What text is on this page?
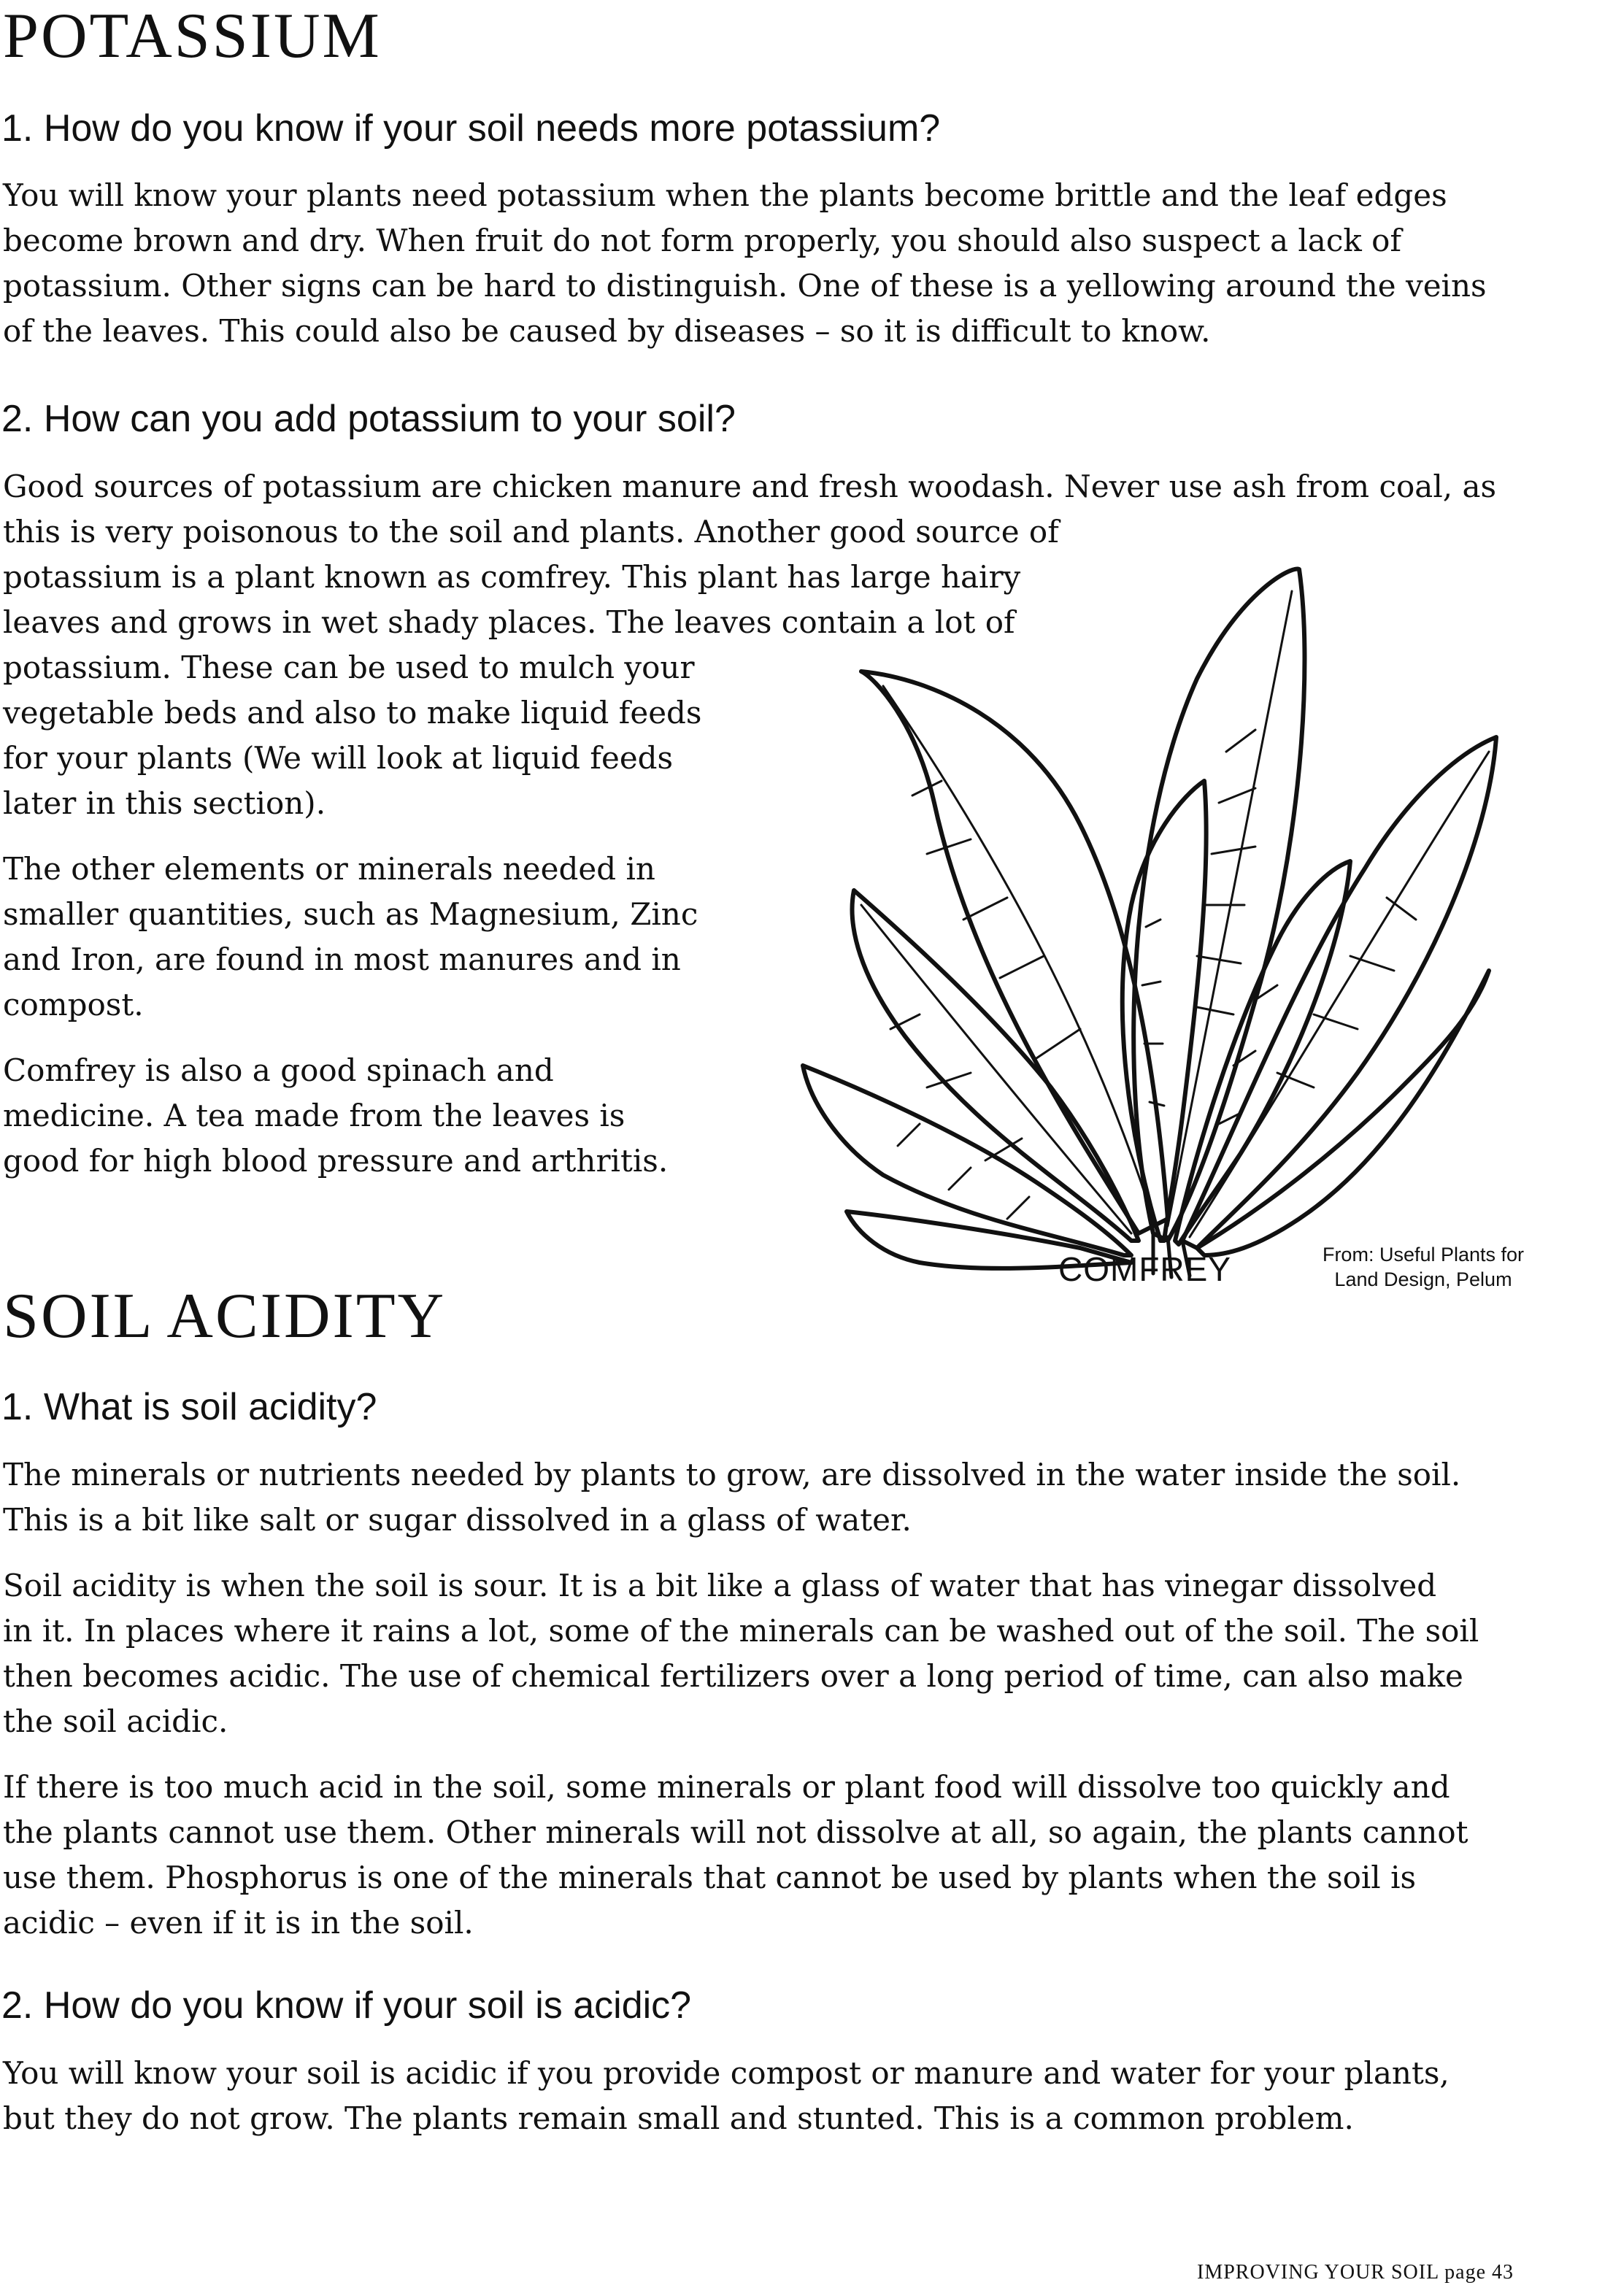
POTASSIUM
1. How do you know if your soil needs more potassium?
You will know your plants need potassium when the plants become brittle and the leaf edges
become brown and dry. When fruit do not form properly, you should also suspect a lack of
potassium. Other signs can be hard to distinguish. One of these is a yellowing around the veins
of the leaves. This could also be caused by diseases – so it is difficult to know.
2. How can you add potassium to your soil?
Good sources of potassium are chicken manure and fresh woodash. Never use ash from coal, as
this is very poisonous to the soil and plants. Another good source of
potassium is a plant known as comfrey. This plant has large hairy
leaves and grows in wet shady places. The leaves contain a lot of
potassium. These can be used to mulch your
vegetable beds and also to make liquid feeds
for your plants (We will look at liquid feeds
later in this section).
The other elements or minerals needed in
smaller quantities, such as Magnesium, Zinc
and Iron, are found in most manures and in
compost.
Comfrey is also a good spinach and
medicine. A tea made from the leaves is
good for high blood pressure and arthritis.
COMFREY	From: Useful Plants for
Land Design, Pelum
SOIL ACIDITY
1. What is soil acidity?
The minerals or nutrients needed by plants to grow, are dissolved in the water inside the soil.
This is a bit like salt or sugar dissolved in a glass of water.
Soil acidity is when the soil is sour. It is a bit like a glass of water that has vinegar dissolved
in it. In places where it rains a lot, some of the minerals can be washed out of the soil. The soil
then becomes acidic. The use of chemical fertilizers over a long period of time, can also make
the soil acidic.
If there is too much acid in the soil, some minerals or plant food will dissolve too quickly and
the plants cannot use them. Other minerals will not dissolve at all, so again, the plants cannot
use them. Phosphorus is one of the minerals that cannot be used by plants when the soil is
acidic – even if it is in the soil.
2. How do you know if your soil is acidic?
You will know your soil is acidic if you provide compost or manure and water for your plants,
but they do not grow. The plants remain small and stunted. This is a common problem.
IMPROVING YOUR SOIL page 43
